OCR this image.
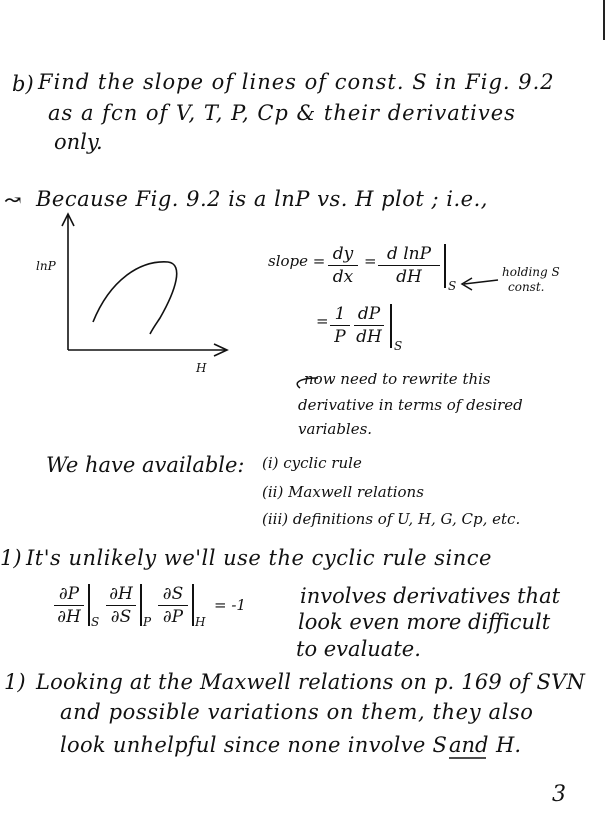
b) Find the slope of lines of const. S in Fig. 9.2
as a fcn of V, T, P, Cp & their derivatives
only.
↝ Because Fig. 9.2 is a lnP vs. H plot ; i.e.,
lnP
H
slope = $\frac{dy}{dx} = \frac{\text{d lnP}}{dH}$ S
holding S
const.
= $\frac{1}{P} \frac{dP}{dH}$ S
now need to rewrite this
derivative in terms of desired
variables.
We have available: (i) cyclic rule
(ii) Maxwell relations
(iii) definitions of U, H, G, Cp, etc.
1) It's unlikely we'll use the cyclic rule since
$\frac{\partial P}{\partial H}$ S $\frac{\partial H}{\partial S}$ P $\frac{\partial S}{\partial P}$ H
= -1	involves derivatives that
look even more difficult
to evaluate.
1) Looking at the Maxwell relations on p. 169 of SVN
and possible variations on them, they also
look unhelpful since none involve S and H.
3
